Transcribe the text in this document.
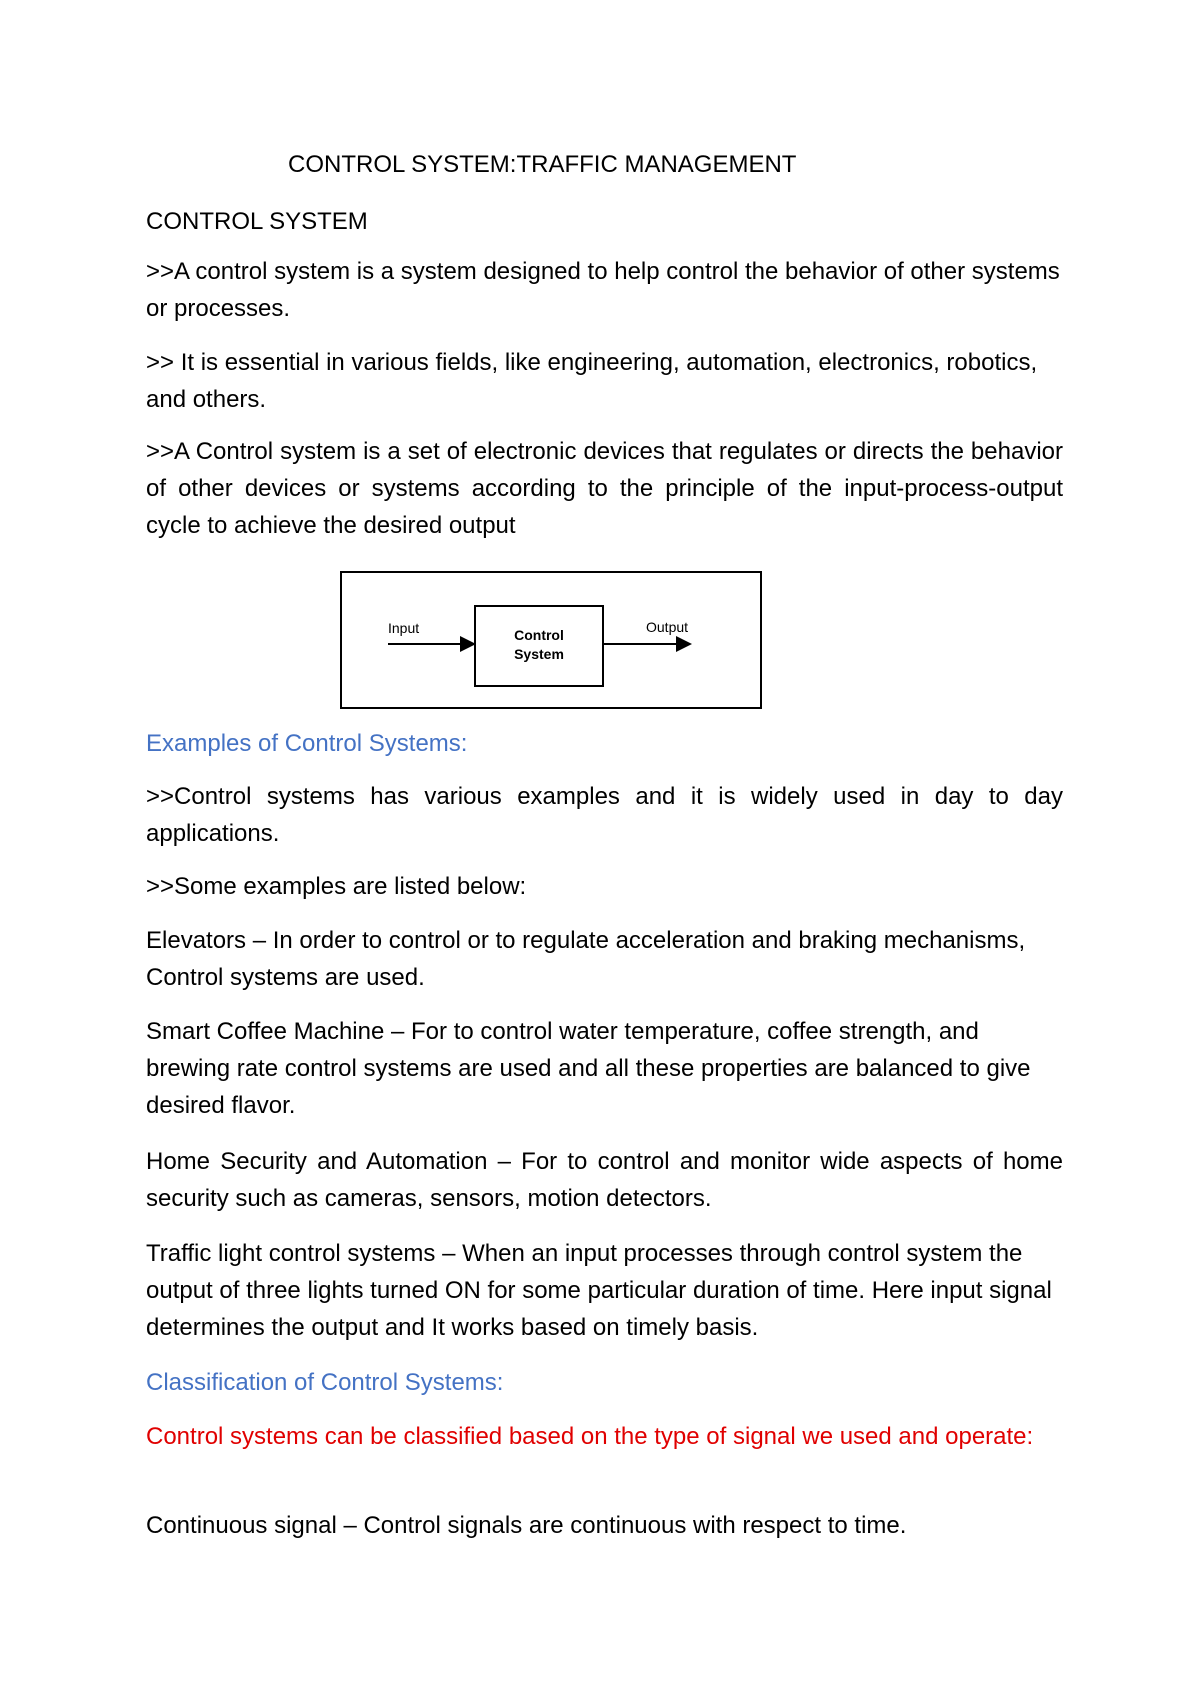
CONTROL SYSTEM:TRAFFIC MANAGEMENT

CONTROL SYSTEM

>>A control system is a system designed to help control the behavior of other systems or processes.

>> It is essential in various fields, like engineering, automation, electronics, robotics, and others.

>>A Control system is a set of electronic devices that regulates or directs the behavior of other devices or systems according to the principle of the input-process-output cycle to achieve the desired output

Input	Control
System
Output

Examples of Control Systems:

>>Control systems has various examples and it is widely used in day to day applications.

>>Some examples are listed below:

Elevators – In order to control or to regulate acceleration and braking mechanisms, Control systems are used.

Smart Coffee Machine – For to control water temperature, coffee strength, and brewing rate control systems are used and all these properties are balanced to give desired flavor.

Home Security and Automation – For to control and monitor wide aspects of home security such as cameras, sensors, motion detectors.

Traffic light control systems – When an input processes through control system the output of three lights turned ON for some particular duration of time. Here input signal determines the output and It works based on timely basis.

Classification of Control Systems:

Control systems can be classified based on the type of signal we used and operate:

Continuous signal – Control signals are continuous with respect to time.
